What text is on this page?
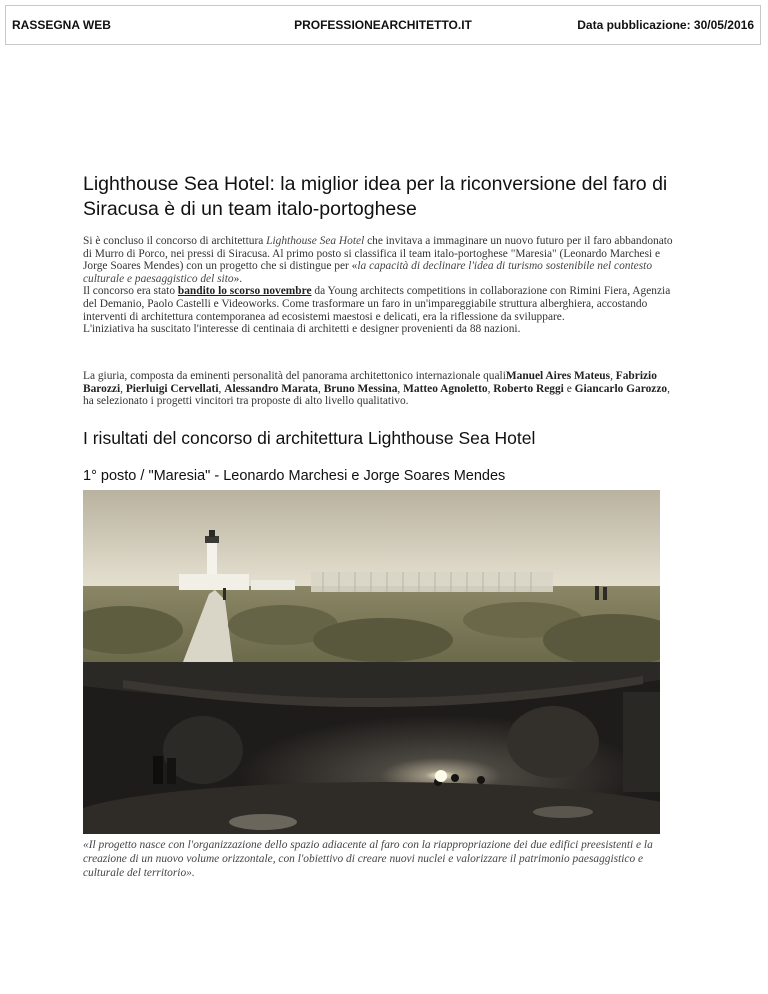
RASSEGNA WEB	PROFESSIONEARCHITETTO.IT	Data pubblicazione: 30/05/2016
Lighthouse Sea Hotel: la miglior idea per la riconversione del faro di Siracusa è di un team italo-portoghese

Si è concluso il concorso di architettura Lighthouse Sea Hotel che invitava a immaginare un nuovo futuro per il faro abbandonato di Murro di Porco, nei pressi di Siracusa. Al primo posto si classifica il team italo-portoghese "Maresia" (Leonardo Marchesi e Jorge Soares Mendes) con un progetto che si distingue per «la capacità di declinare l'idea di turismo sostenibile nel contesto culturale e paesaggistico del sito».
Il concorso era stato bandito lo scorso novembre da Young architects competitions in collaborazione con Rimini Fiera, Agenzia del Demanio, Paolo Castelli e Videoworks. Come trasformare un faro in un'impareggiabile struttura alberghiera, accostando interventi di architettura contemporanea ad ecosistemi maestosi e delicati, era la riflessione da sviluppare.
L'iniziativa ha suscitato l'interesse di centinaia di architetti e designer provenienti da 88 nazioni.

La giuria, composta da eminenti personalità del panorama architettonico internazionale qualiManuel Aires Mateus, Fabrizio Barozzi, Pierluigi Cervellati, Alessandro Marata, Bruno Messina, Matteo Agnoletto, Roberto Reggi e Giancarlo Garozzo, ha selezionato i progetti vincitori tra proposte di alto livello qualitativo.

I risultati del concorso di architettura Lighthouse Sea Hotel
1° posto / "Maresia" - Leonardo Marchesi e Jorge Soares Mendes

«Il progetto nasce con l'organizzazione dello spazio adiacente al faro con la riappropriazione dei due edifici preesistenti e la creazione di un nuovo volume orizzontale, con l'obiettivo di creare nuovi nuclei e valorizzare il patrimonio paesaggistico e culturale del territorio».
